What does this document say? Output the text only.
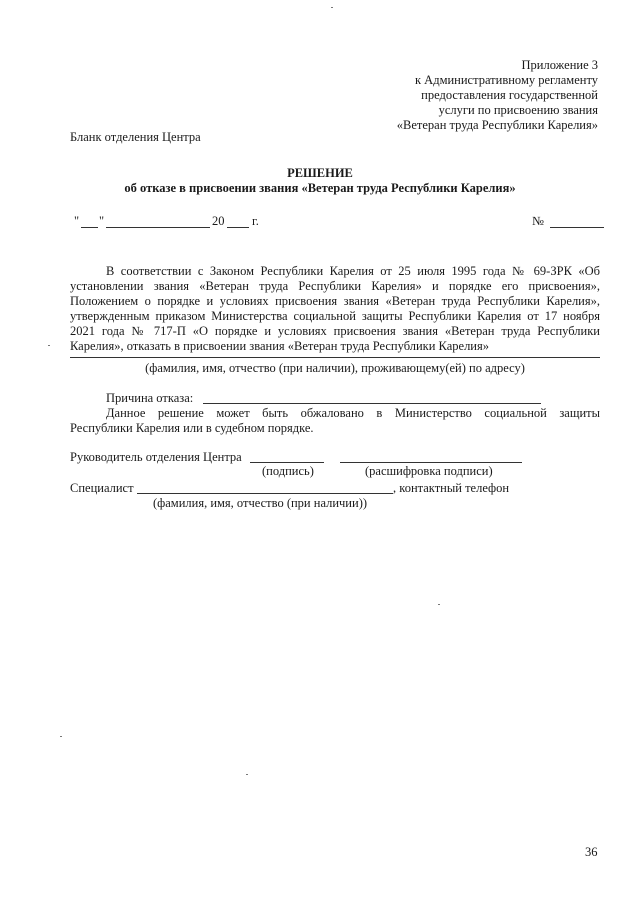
Приложение 3
к Административному регламенту
предоставления государственной
услуги по присвоению звания
«Ветеран труда Республики Карелия»
Бланк отделения Центра
РЕШЕНИЕ
об отказе в присвоении звания «Ветеран труда Республики Карелия»
" "	20 г.	№
В соответствии с Законом Республики Карелия от 25 июля 1995 года № 69-ЗРК «Об
установлении звания «Ветеран труда Республики Карелия» и порядке его присвоения»,
Положением о порядке и условиях присвоения звания «Ветеран труда Республики Карелия»,
утвержденным приказом Министерства социальной защиты Республики Карелия от 17 ноября
2021 года № 717-П «О порядке и условиях присвоения звания «Ветеран труда Республики
Карелия», отказать в присвоении звания «Ветеран труда Республики Карелия»
(фамилия, имя, отчество (при наличии), проживающему(ей) по адресу)
Причина отказа:
Данное решение может быть обжаловано в Министерство социальной защиты
Республики Карелия или в судебном порядке.
Руководитель отделения Центра
(подпись)	(расшифровка подписи)
Специалист	, контактный телефон
(фамилия, имя, отчество (при наличии))
36
